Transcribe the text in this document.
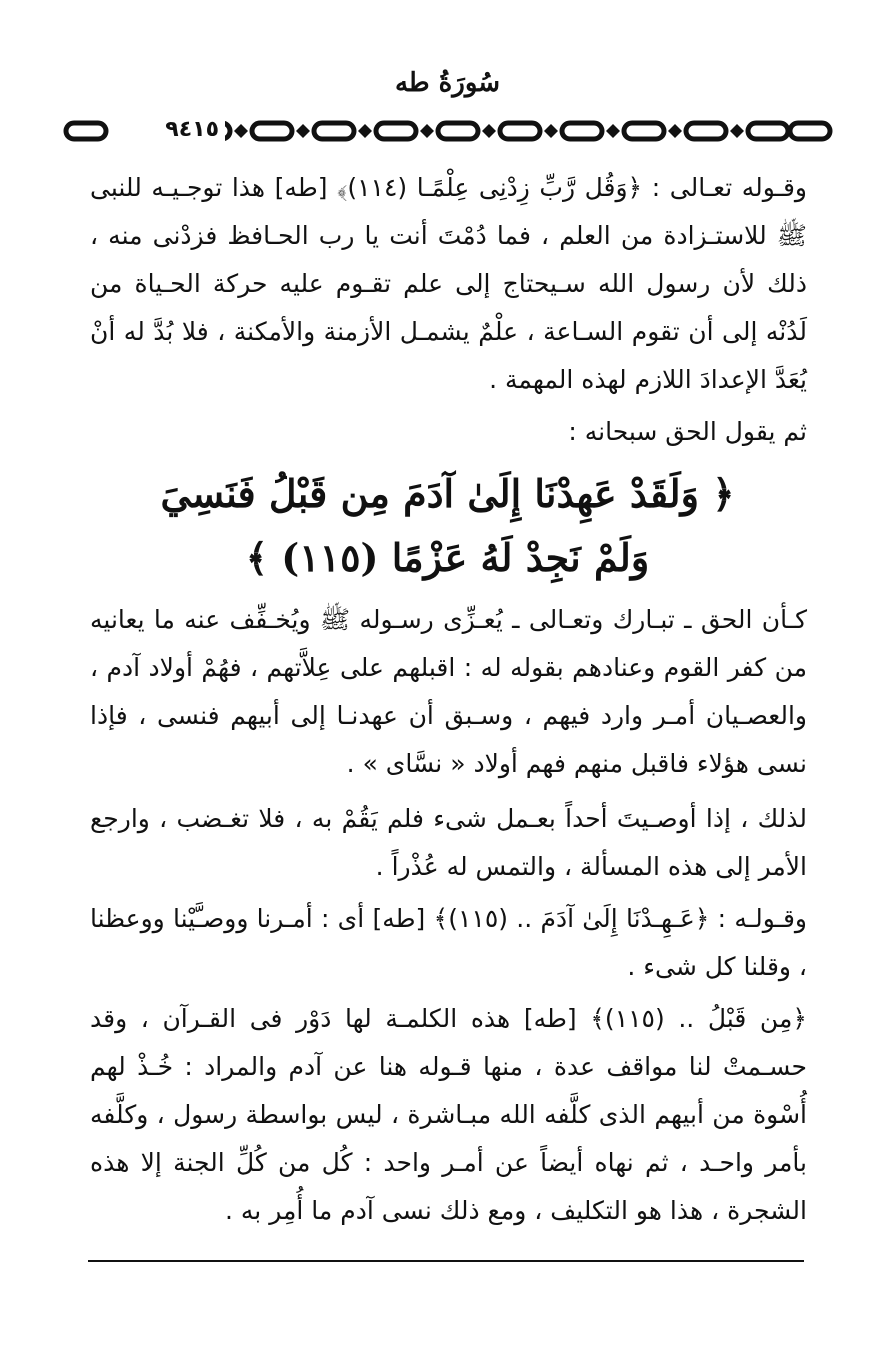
سُورَةُ طه
٩٤١٥

وقـوله تعـالى : ﴿وَقُل رَّبِّ زِدْنِى عِلْمًـا (١١٤)﴾ [طه] هذا توجـيـه للنبى ﷺ للاستـزادة من العلم ، فما دُمْتَ أنت يا رب الحـافظ فزدْنى منه ، ذلك لأن رسول الله سـيحتاج إلى علم تقـوم عليه حركة الحـياة من لَدُنْه إلى أن تقوم السـاعة ، علْمٌ يشمـل الأزمنة والأمكنة ، فلا بُدَّ له أنْ يُعَدَّ الإعدادَ اللازم لهذه المهمة .

ثم يقول الحق سبحانه :

﴿ وَلَقَدْ عَهِدْنَا إِلَىٰ آدَمَ مِن قَبْلُ فَنَسِيَ
وَلَمْ نَجِدْ لَهُ عَزْمًا (١١٥) ﴾

كـأن الحق ـ تبـارك وتعـالى ـ يُعـزِّى رسـوله ﷺ ويُخـفِّف عنه ما يعانيه من كفر القوم وعنادهم بقوله له : اقبلهم على عِلاَّتهم ، فهُمْ أولاد آدم ، والعصـيان أمـر وارد فيهم ، وسـبق أن عهدنـا إلى أبيهم فنسى ، فإذا نسى هؤلاء فاقبل منهم فهم أولاد « نسَّاى » .

لذلك ، إذا أوصـيتَ أحداً بعـمل شىء فلم يَقُمْ به ، فلا تغـضب ، وارجع الأمر إلى هذه المسألة ، والتمس له عُذْراً .

وقـولـه : ﴿عَـهِـدْنَا إِلَىٰ آدَمَ .. (١١٥)﴾ [طه] أى : أمـرنا ووصـَّيْنا ووعظنا ، وقلنا كل شىء .

﴿مِن قَبْلُ .. (١١٥)﴾ [طه] هذه الكلمـة لها دَوْر فى القـرآن ، وقد حسـمتْ لنا مواقف عدة ، منها قـوله هنا عن آدم والمراد : خُـذْ لهم أُسْوة من أبيهم الذى كلَّفه الله مبـاشرة ، ليس بواسطة رسول ، وكلَّفه بأمر واحـد ، ثم نهاه أيضاً عن أمـر واحد : كُل من كُلِّ الجنة إلا هذه الشجرة ، هذا هو التكليف ، ومع ذلك نسى آدم ما أُمِر به .
